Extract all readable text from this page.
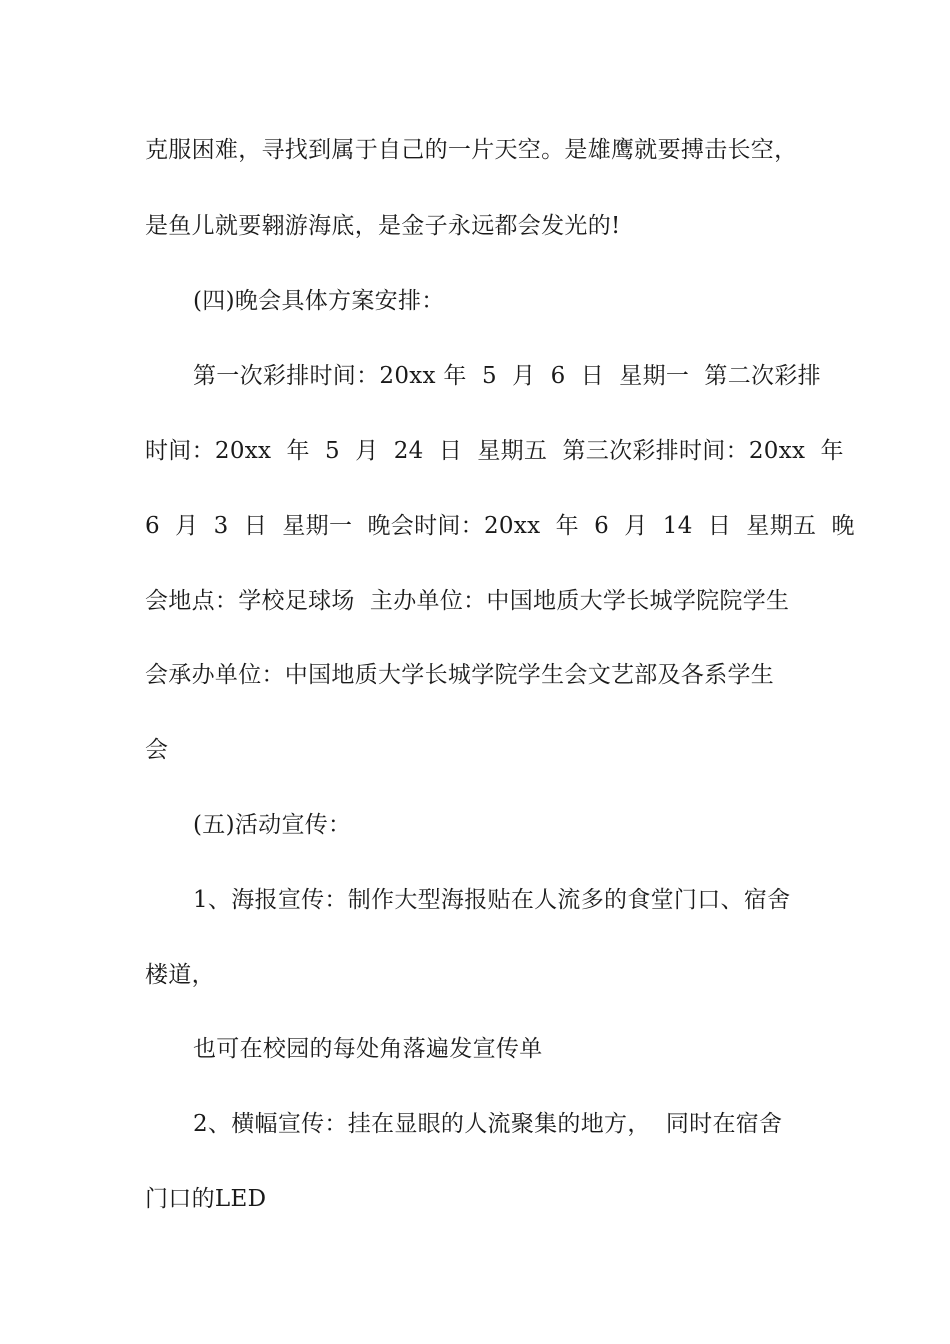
克服困难，寻找到属于自己的一片天空。是雄鹰就要搏击长空，
是鱼儿就要翱游海底，是金子永远都会发光的!
(四)晚会具体方案安排：
第一次彩排时间：20xx 年  5  月  6  日  星期一  第二次彩排
时间：20xx  年  5  月  24  日  星期五  第三次彩排时间：20xx  年
6  月  3  日  星期一  晚会时间：20xx  年  6  月  14  日  星期五  晚
会地点：学校足球场  主办单位：中国地质大学长城学院院学生
会承办单位：中国地质大学长城学院学生会文艺部及各系学生
会
(五)活动宣传：
1、海报宣传：制作大型海报贴在人流多的食堂门口、宿舍
楼道，
也可在校园的每处角落遍发宣传单
2、横幅宣传：挂在显眼的人流聚集的地方，  同时在宿舍
门口的LED
